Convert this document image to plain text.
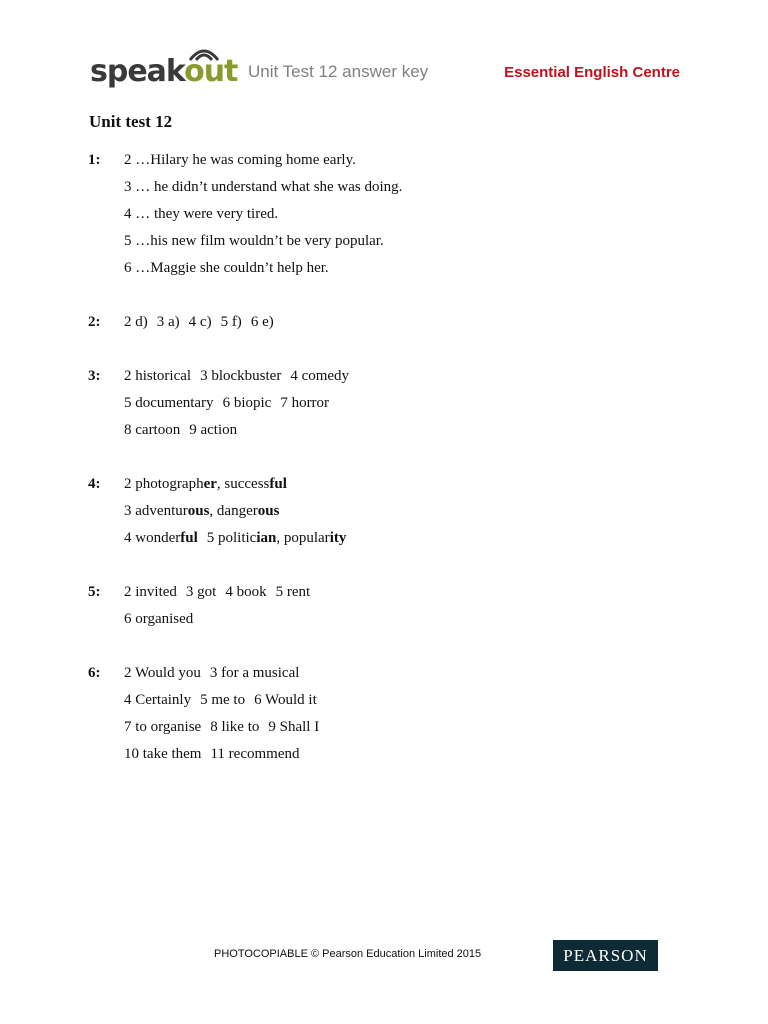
speakout Unit Test 12 answer key	Essential English Centre
Unit test 12
1: 2 …Hilary he was coming home early.
3 … he didn’t understand what she was doing.
4 … they were very tired.
5 …his new film wouldn’t be very popular.
6 …Maggie she couldn’t help her.
2: 2 d) 3 a) 4 c) 5 f) 6 e)
3: 2 historical 3 blockbuster 4 comedy
5 documentary 6 biopic 7 horror
8 cartoon 9 action
4: 2 photographer, successful
3 adventurous, dangerous
4 wonderful 5 politician, popularity
5: 2 invited 3 got 4 book 5 rent
6 organised
6: 2 Would you 3 for a musical
4 Certainly 5 me to 6 Would it
7 to organise 8 like to 9 Shall I
10 take them 11 recommend
PHOTOCOPIABLE © Pearson Education Limited 2015	PEARSON
